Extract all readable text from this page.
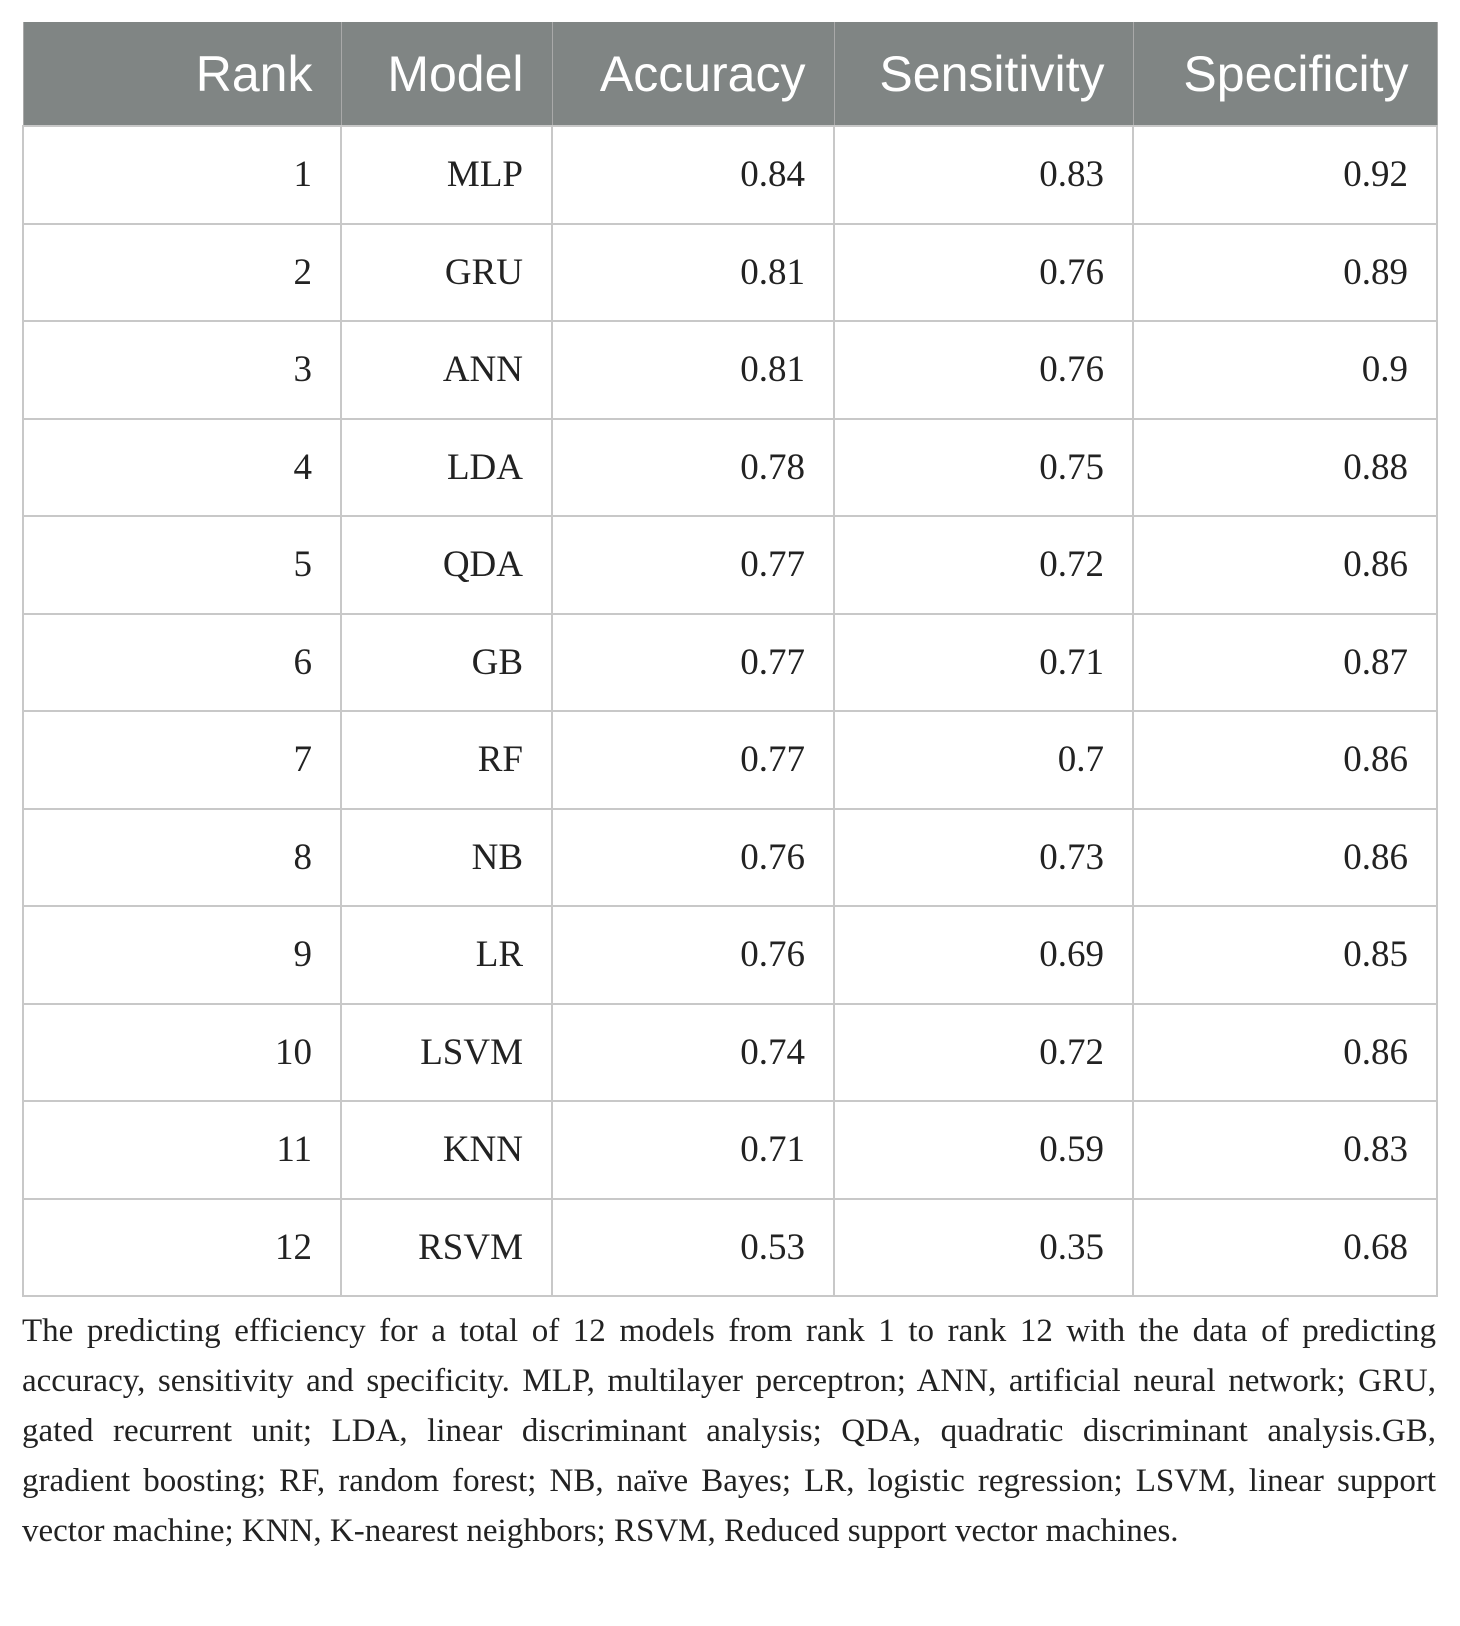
Rank	Model	Accuracy	Sensitivity	Specificity
1	MLP	0.84	0.83	0.92
2	GRU	0.81	0.76	0.89
3	ANN	0.81	0.76	0.9
4	LDA	0.78	0.75	0.88
5	QDA	0.77	0.72	0.86
6	GB	0.77	0.71	0.87
7	RF	0.77	0.7	0.86
8	NB	0.76	0.73	0.86
9	LR	0.76	0.69	0.85
10	LSVM	0.74	0.72	0.86
11	KNN	0.71	0.59	0.83
12	RSVM	0.53	0.35	0.68

The predicting efficiency for a total of 12 models from rank 1 to rank 12 with the data of predicting accuracy, sensitivity and specificity. MLP, multilayer perceptron; ANN, artificial neural network; GRU, gated recurrent unit; LDA, linear discriminant analysis; QDA, quadratic discriminant analysis.GB, gradient boosting; RF, random forest; NB, naïve Bayes; LR, logistic regression; LSVM, linear support vector machine; KNN, K-nearest neighbors; RSVM, Reduced support vector machines.
